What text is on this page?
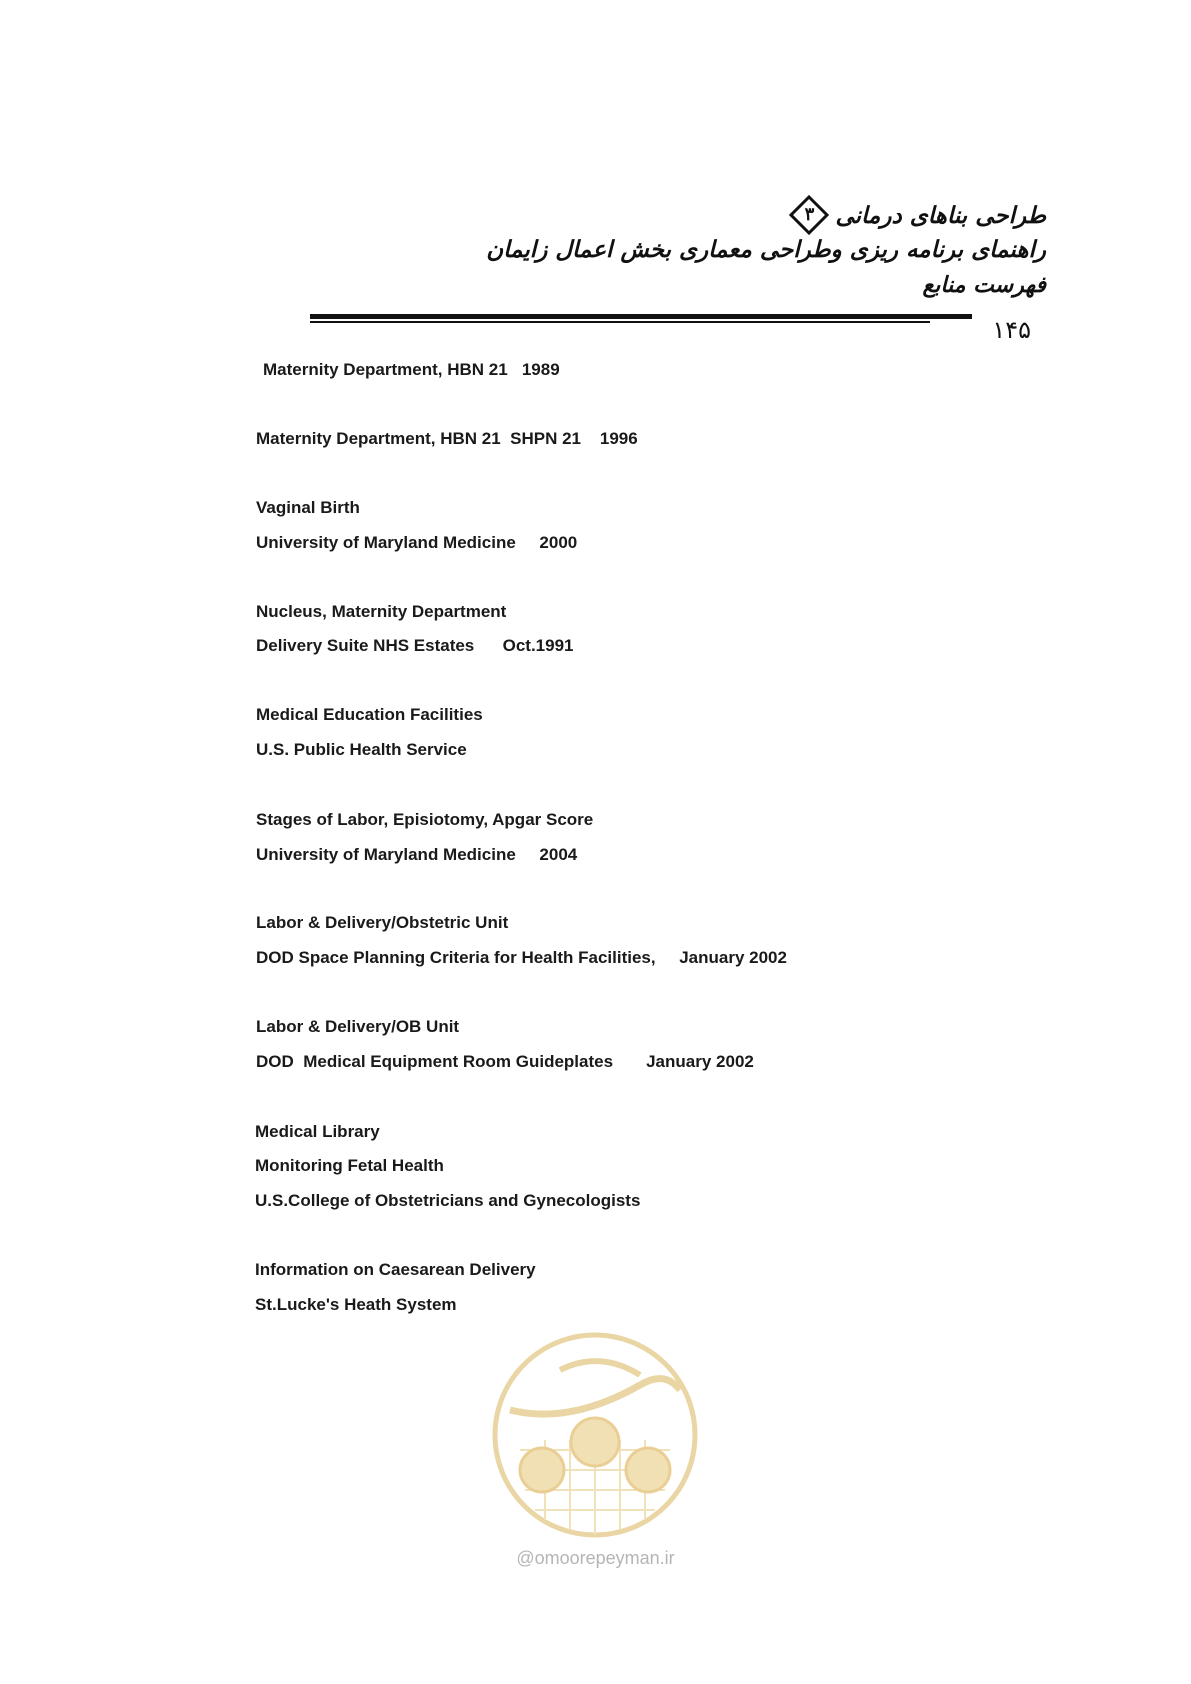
طراحی بناهای درمانی
۳
راهنمای برنامه ریزی وطراحی معماری بخش اعمال زایمان
فهرست منابع
۱۴۵
Maternity Department, HBN 21   1989
Maternity Department, HBN 21  SHPN 21    1996
Vaginal Birth
University of Maryland Medicine     2000
Nucleus, Maternity Department
Delivery Suite NHS Estates      Oct.1991
Medical Education Facilities
U.S. Public Health Service
Stages of Labor, Episiotomy, Apgar Score
University of Maryland Medicine     2004
Labor & Delivery/Obstetric Unit
DOD Space Planning Criteria for Health Facilities,     January 2002
Labor & Delivery/OB Unit
DOD  Medical Equipment Room Guideplates       January 2002
Medical Library
Monitoring Fetal Health
U.S.College of Obstetricians and Gynecologists
Information on Caesarean Delivery
St.Lucke's Heath System
@omoorepeyman.ir
